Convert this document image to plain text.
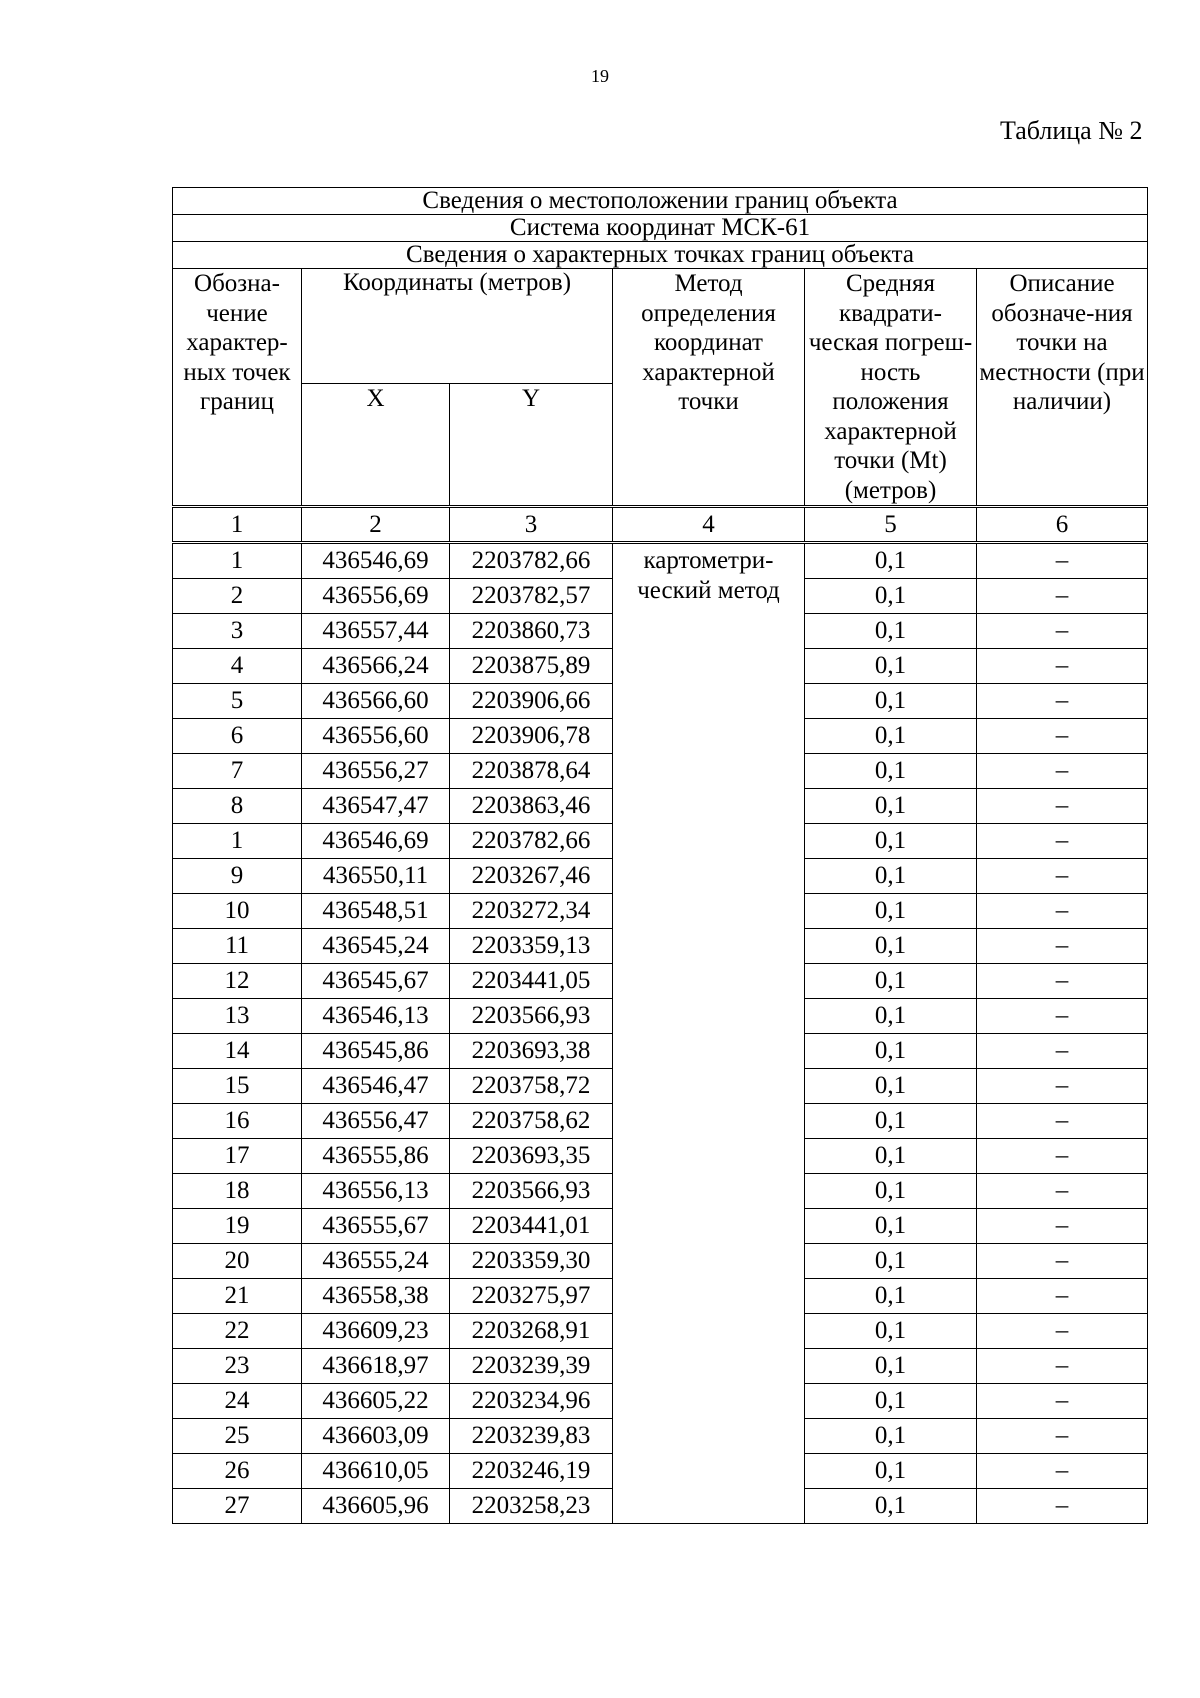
19
Таблица № 2
Сведения о местоположении границ объекта					
Система координат МСК-61					
Сведения о характерных точках границ объекта					
Обозна-чение характер-ных точек границ	Координаты (метров)		Метод определения координат характерной точки	Средняя квадрати-ческая погреш-ность положения характерной точки (Mt) (метров)	Описание обозначе-ния точки на местности (при наличии)
	X	Y			
1	2	3	4	5	6
1	436546,69	2203782,66	картометри-ческий метод	0,1	–
2	436556,69	2203782,57		0,1	–
3	436557,44	2203860,73		0,1	–
4	436566,24	2203875,89		0,1	–
5	436566,60	2203906,66		0,1	–
6	436556,60	2203906,78		0,1	–
7	436556,27	2203878,64		0,1	–
8	436547,47	2203863,46		0,1	–
1	436546,69	2203782,66		0,1	–
9	436550,11	2203267,46		0,1	–
10	436548,51	2203272,34		0,1	–
11	436545,24	2203359,13		0,1	–
12	436545,67	2203441,05		0,1	–
13	436546,13	2203566,93		0,1	–
14	436545,86	2203693,38		0,1	–
15	436546,47	2203758,72		0,1	–
16	436556,47	2203758,62		0,1	–
17	436555,86	2203693,35		0,1	–
18	436556,13	2203566,93		0,1	–
19	436555,67	2203441,01		0,1	–
20	436555,24	2203359,30		0,1	–
21	436558,38	2203275,97		0,1	–
22	436609,23	2203268,91		0,1	–
23	436618,97	2203239,39		0,1	–
24	436605,22	2203234,96		0,1	–
25	436603,09	2203239,83		0,1	–
26	436610,05	2203246,19		0,1	–
27	436605,96	2203258,23		0,1	–
